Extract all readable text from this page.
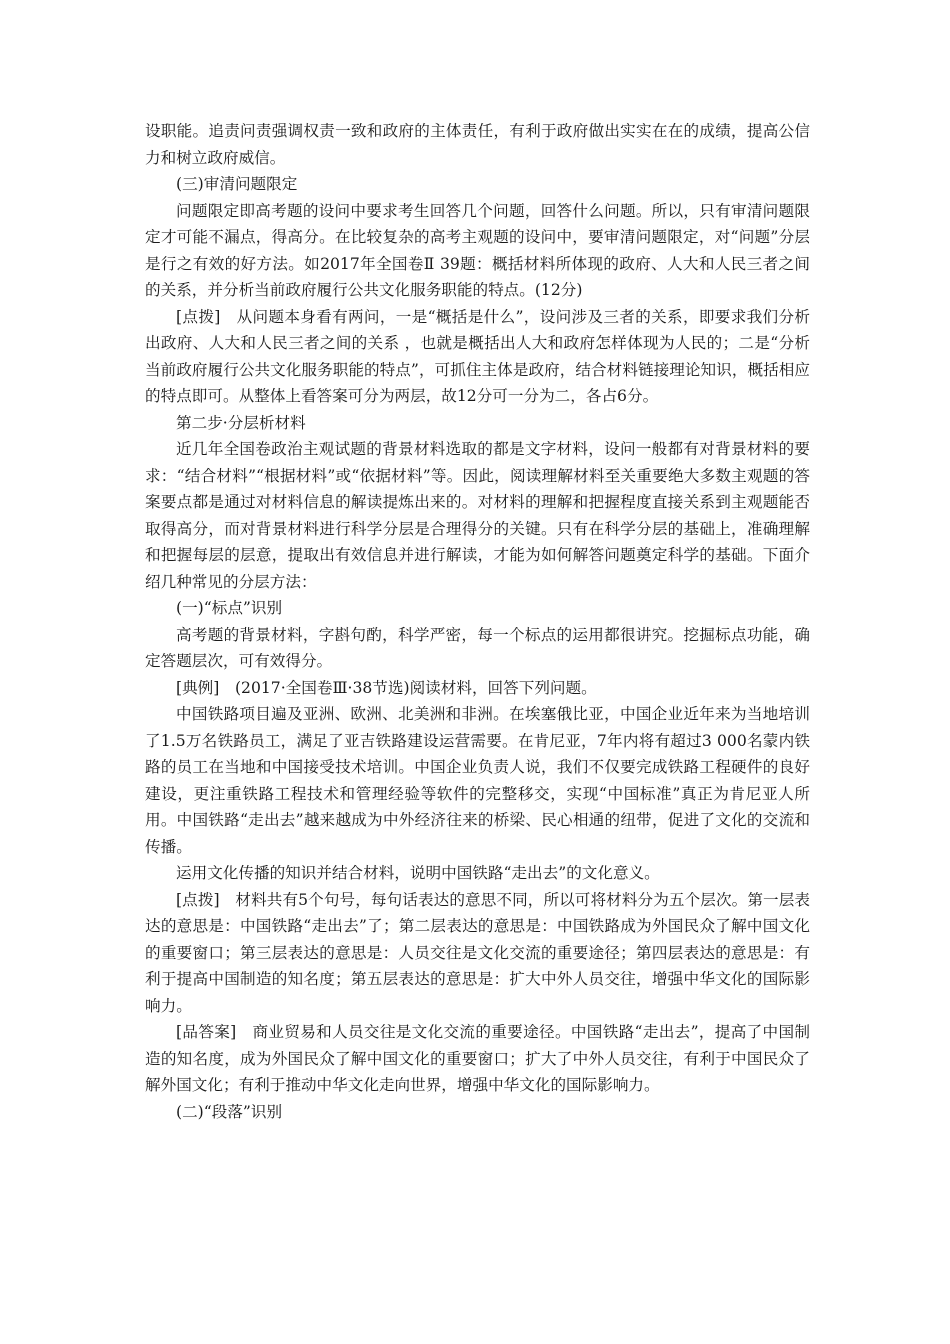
设职能。追责问责强调权责一致和政府的主体责任，有利于政府做出实实在在的成绩，提高公信力和树立政府威信。

(三)审清问题限定

问题限定即高考题的设问中要求考生回答几个问题，回答什么问题。所以，只有审清问题限定才可能不漏点，得高分。在比较复杂的高考主观题的设问中，要审清问题限定，对“问题”分层是行之有效的好方法。如2017年全国卷Ⅱ 39题：概括材料所体现的政府、人大和人民三者之间的关系，并分析当前政府履行公共文化服务职能的特点。(12分)

[点拨]　从问题本身看有两问，一是“概括是什么”，设问涉及三者的关系，即要求我们分析出政府、人大和人民三者之间的关系 ，也就是概括出人大和政府怎样体现为人民的；二是“分析当前政府履行公共文化服务职能的特点”，可抓住主体是政府，结合材料链接理论知识，概括相应的特点即可。从整体上看答案可分为两层，故12分可一分为二，各占6分。

第二步·分层析材料

近几年全国卷政治主观试题的背景材料选取的都是文字材料，设问一般都有对背景材料的要求：“结合材料”“根据材料”或“依据材料”等。因此，阅读理解材料至关重要绝大多数主观题的答案要点都是通过对材料信息的解读提炼出来的。对材料的理解和把握程度直接关系到主观题能否取得高分，而对背景材料进行科学分层是合理得分的关键。只有在科学分层的基础上，准确理解和把握每层的层意，提取出有效信息并进行解读，才能为如何解答问题奠定科学的基础。下面介绍几种常见的分层方法：

(一)“标点”识别

高考题的背景材料，字斟句酌，科学严密，每一个标点的运用都很讲究。挖掘标点功能，确定答题层次，可有效得分。

[典例]　(2017·全国卷Ⅲ·38节选)阅读材料，回答下列问题。

中国铁路项目遍及亚洲、欧洲、北美洲和非洲。在埃塞俄比亚，中国企业近年来为当地培训了1.5万名铁路员工，满足了亚吉铁路建设运营需要。在肯尼亚，7年内将有超过3 000名蒙内铁路的员工在当地和中国接受技术培训。中国企业负责人说，我们不仅要完成铁路工程硬件的良好建设，更注重铁路工程技术和管理经验等软件的完整移交，实现“中国标准”真正为肯尼亚人所用。中国铁路“走出去”越来越成为中外经济往来的桥梁、民心相通的纽带，促进了文化的交流和传播。

运用文化传播的知识并结合材料，说明中国铁路“走出去”的文化意义。

[点拨]　材料共有5个句号，每句话表达的意思不同，所以可将材料分为五个层次。第一层表达的意思是：中国铁路“走出去”了；第二层表达的意思是：中国铁路成为外国民众了解中国文化的重要窗口；第三层表达的意思是：人员交往是文化交流的重要途径；第四层表达的意思是：有利于提高中国制造的知名度；第五层表达的意思是：扩大中外人员交往，增强中华文化的国际影响力。

[品答案]　商业贸易和人员交往是文化交流的重要途径。中国铁路“走出去”，提高了中国制造的知名度，成为外国民众了解中国文化的重要窗口；扩大了中外人员交往，有利于中国民众了解外国文化；有利于推动中华文化走向世界，增强中华文化的国际影响力。

(二)“段落”识别
